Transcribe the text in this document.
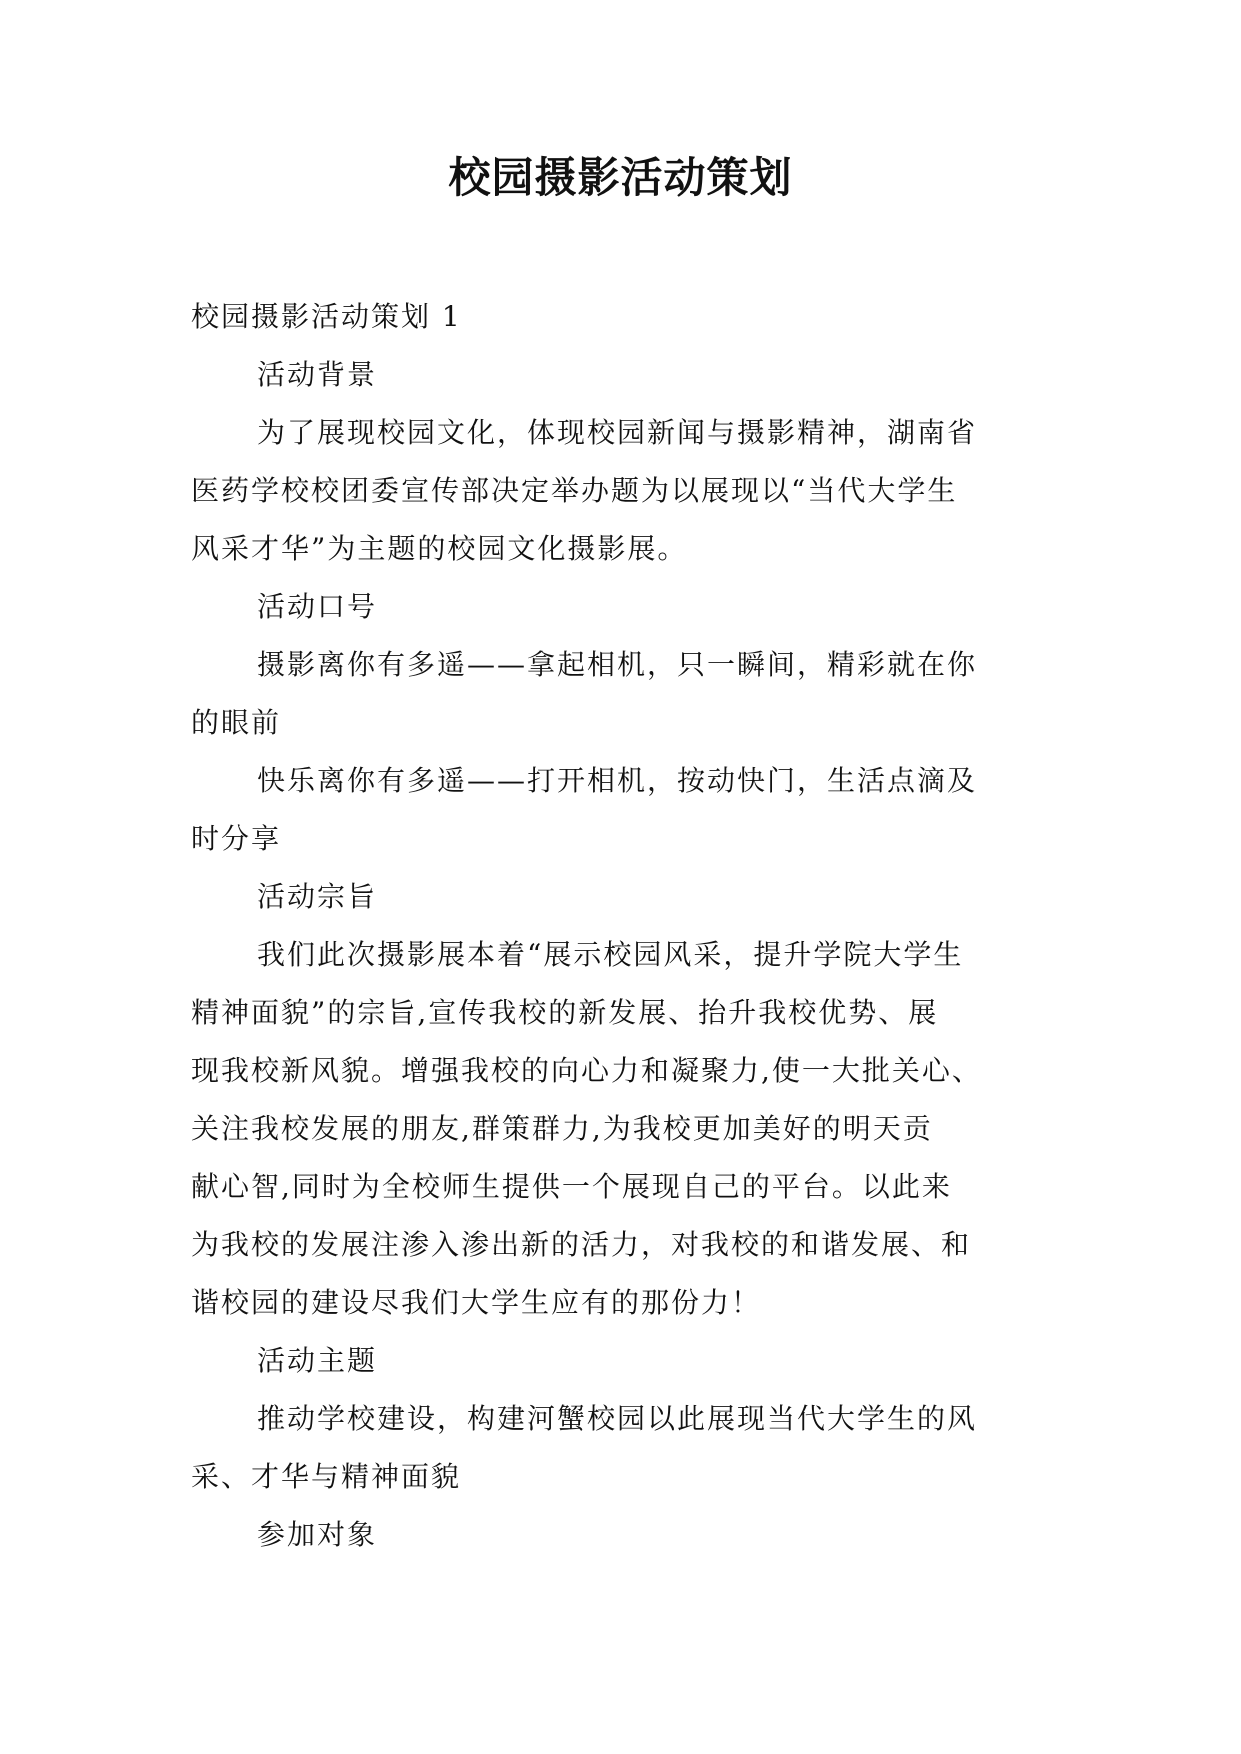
校园摄影活动策划
校园摄影活动策划 1
活动背景
为了展现校园文化，体现校园新闻与摄影精神，湖南省
医药学校校团委宣传部决定举办题为以展现以“当代大学生
风采才华”为主题的校园文化摄影展。
活动口号
摄影离你有多遥——拿起相机，只一瞬间，精彩就在你
的眼前
快乐离你有多遥——打开相机，按动快门，生活点滴及
时分享
活动宗旨
我们此次摄影展本着“展示校园风采，提升学院大学生
精神面貌”的宗旨,宣传我校的新发展、抬升我校优势、展
现我校新风貌。增强我校的向心力和凝聚力,使一大批关心、
关注我校发展的朋友,群策群力,为我校更加美好的明天贡
献心智,同时为全校师生提供一个展现自己的平台。以此来
为我校的发展注渗入渗出新的活力，对我校的和谐发展、和
谐校园的建设尽我们大学生应有的那份力！
活动主题
推动学校建设，构建河蟹校园以此展现当代大学生的风
采、才华与精神面貌
参加对象
